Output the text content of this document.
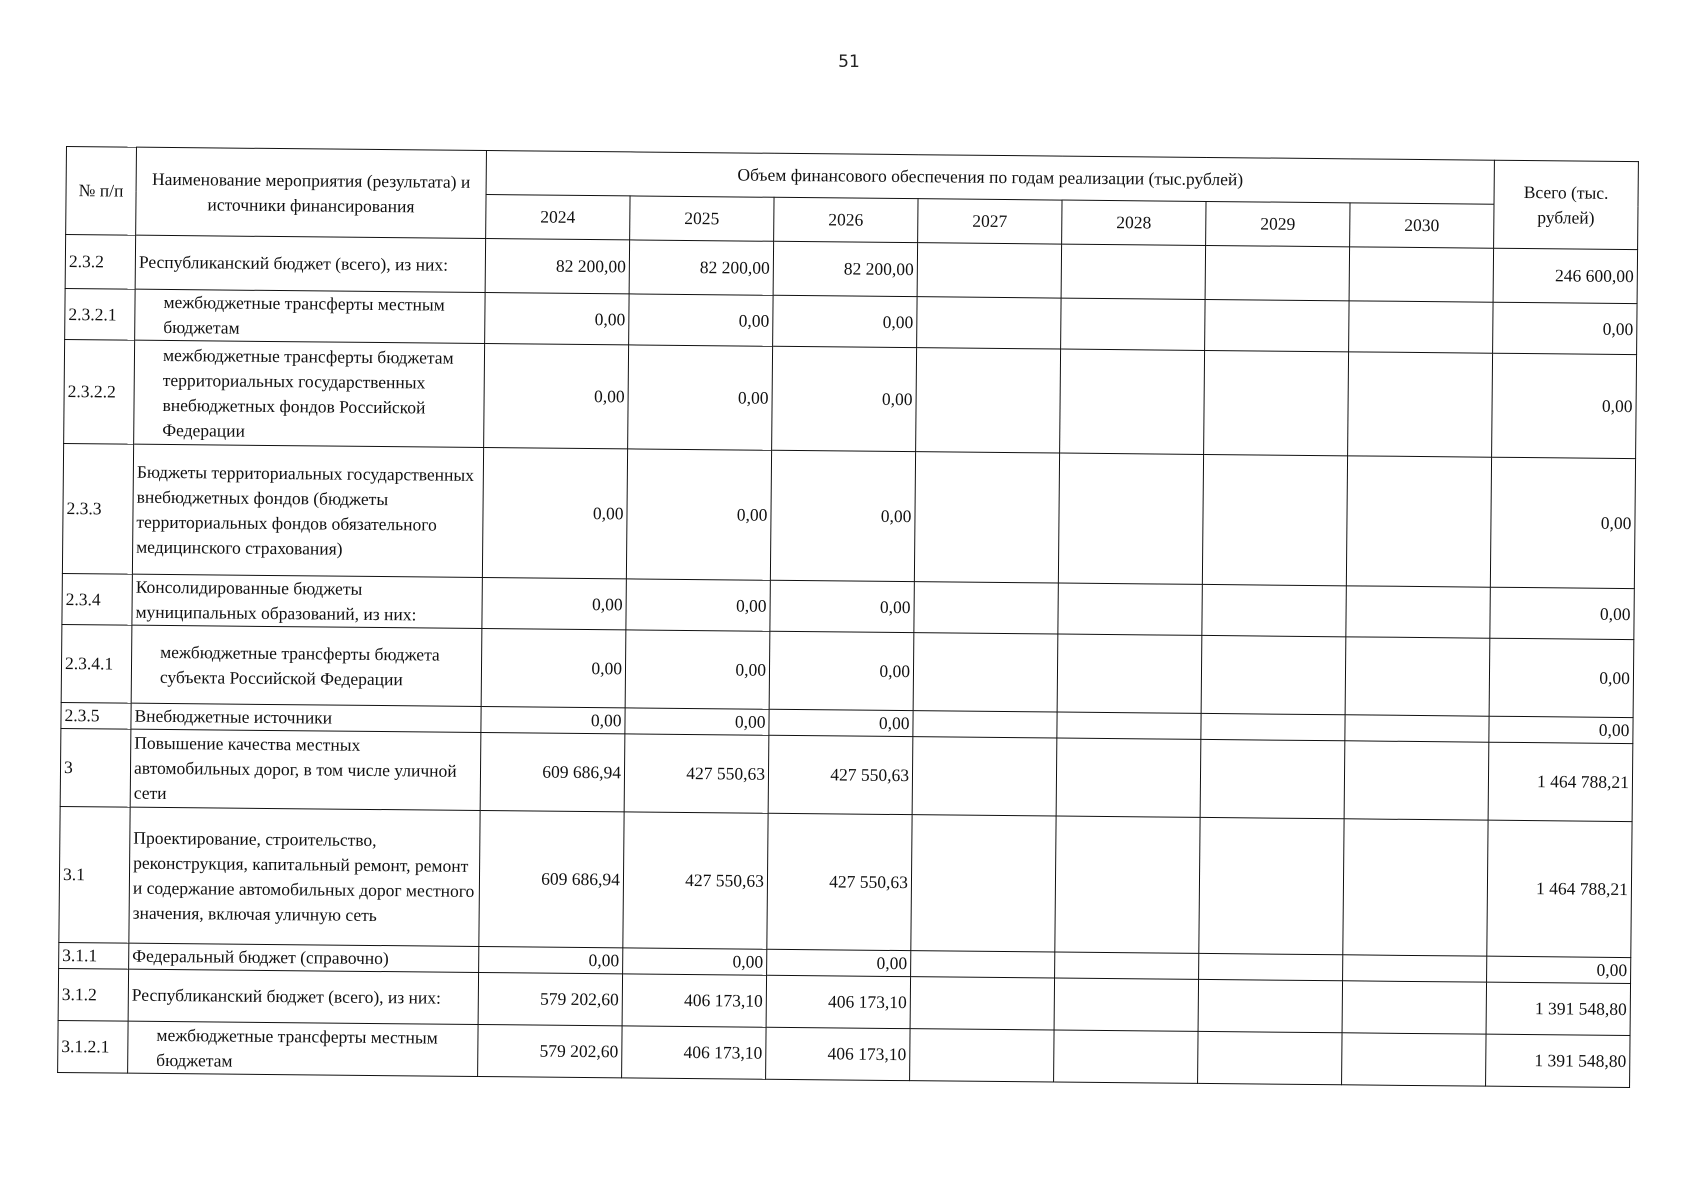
51
№ п/п	Наименование мероприятия (результата) и источники финансирования	Объем финансового обеспечения по годам реализации (тыс.рублей)							Всего (тыс. рублей)
		2024	2025	2026	2027	2028	2029	2030	
2.3.2	Республиканский бюджет (всего), из них:	82 200,00	82 200,00	82 200,00					246 600,00
2.3.2.1	межбюджетные трансферты местным бюджетам	0,00	0,00	0,00					0,00
2.3.2.2	межбюджетные трансферты бюджетам территориальных государственных внебюджетных фондов Российской Федерации	0,00	0,00	0,00					0,00
2.3.3	Бюджеты территориальных государственных внебюджетных фондов (бюджеты территориальных фондов обязательного медицинского страхования)	0,00	0,00	0,00					0,00
2.3.4	Консолидированные бюджеты муниципальных образований, из них:	0,00	0,00	0,00					0,00
2.3.4.1	межбюджетные трансферты бюджета субъекта Российской Федерации	0,00	0,00	0,00					0,00
2.3.5	Внебюджетные источники	0,00	0,00	0,00					0,00
3	Повышение качества местных автомобильных дорог, в том числе уличной сети	609 686,94	427 550,63	427 550,63					1 464 788,21
3.1	Проектирование, строительство, реконструкция, капитальный ремонт, ремонт и содержание автомобильных дорог местного значения, включая уличную сеть	609 686,94	427 550,63	427 550,63					1 464 788,21
3.1.1	Федеральный бюджет (справочно)	0,00	0,00	0,00					0,00
3.1.2	Республиканский бюджет (всего), из них:	579 202,60	406 173,10	406 173,10					1 391 548,80
3.1.2.1	межбюджетные трансферты местным бюджетам	579 202,60	406 173,10	406 173,10					1 391 548,80
